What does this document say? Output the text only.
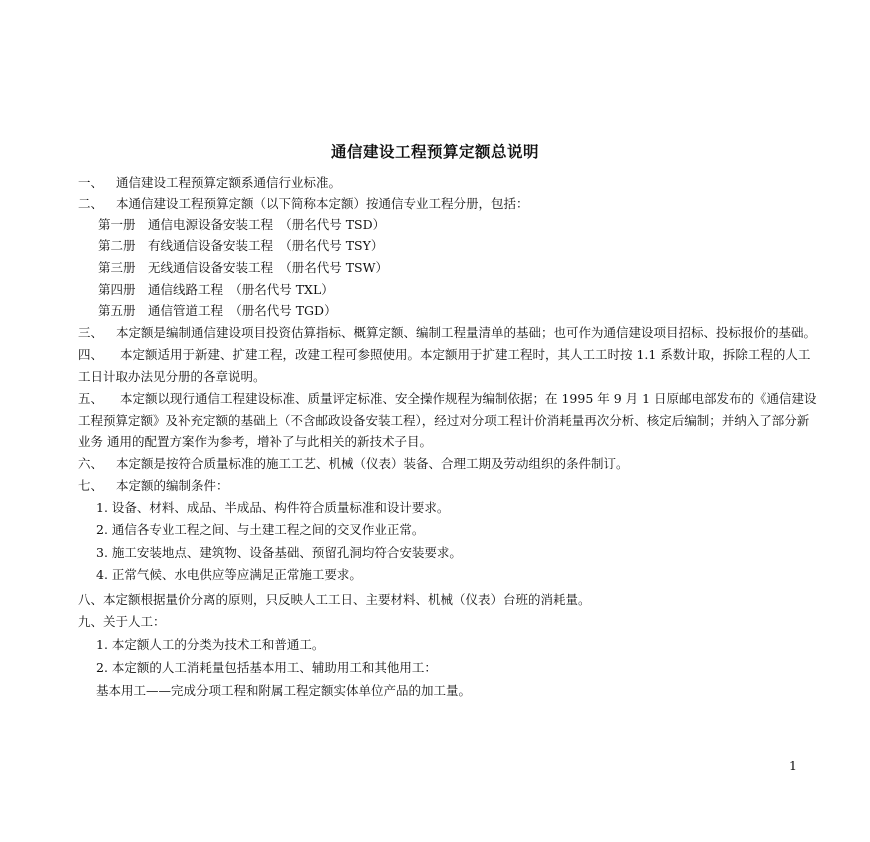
通信建设工程预算定额总说明
一、 通信建设工程预算定额系通信行业标准。
二、 本通信建设工程预算定额（以下简称本定额）按通信专业工程分册，包括：
第一册　通信电源设备安装工程　（册名代号 TSD）
第二册　有线通信设备安装工程　（册名代号 TSY）
第三册　无线通信设备安装工程　（册名代号 TSW）
第四册　通信线路工程　（册名代号 TXL）
第五册　通信管道工程　（册名代号 TGD）
三、 本定额是编制通信建设项目投资估算指标、概算定额、编制工程量清单的基础；也可作为通信建设项目招标、投标报价的基础。
四、 本定额适用于新建、扩建工程，改建工程可参照使用。本定额用于扩建工程时，其人工工时按 1.1 系数计取，拆除工程的人工
工日计取办法见分册的各章说明。
五、 本定额以现行通信工程建设标准、质量评定标准、安全操作规程为编制依据；在 1995 年 9 月 1 日原邮电部发布的《通信建设
工程预算定额》及补充定额的基础上（不含邮政设备安装工程），经过对分项工程计价消耗量再次分析、核定后编制；并纳入了部分新
业务 通用的配置方案作为参考，增补了与此相关的新技术子目。
六、 本定额是按符合质量标准的施工工艺、机械（仪表）装备、合理工期及劳动组织的条件制订。
七、 本定额的编制条件：
1. 设备、材料、成品、半成品、构件符合质量标准和设计要求。
2. 通信各专业工程之间、与土建工程之间的交叉作业正常。
3. 施工安装地点、建筑物、设备基础、预留孔洞均符合安装要求。
4. 正常气候、水电供应等应满足正常施工要求。
八、本定额根据量价分离的原则，只反映人工工日、主要材料、机械（仪表）台班的消耗量。
九、关于人工：
1. 本定额人工的分类为技术工和普通工。
2. 本定额的人工消耗量包括基本用工、辅助用工和其他用工：
基本用工——完成分项工程和附属工程定额实体单位产品的加工量。
1
